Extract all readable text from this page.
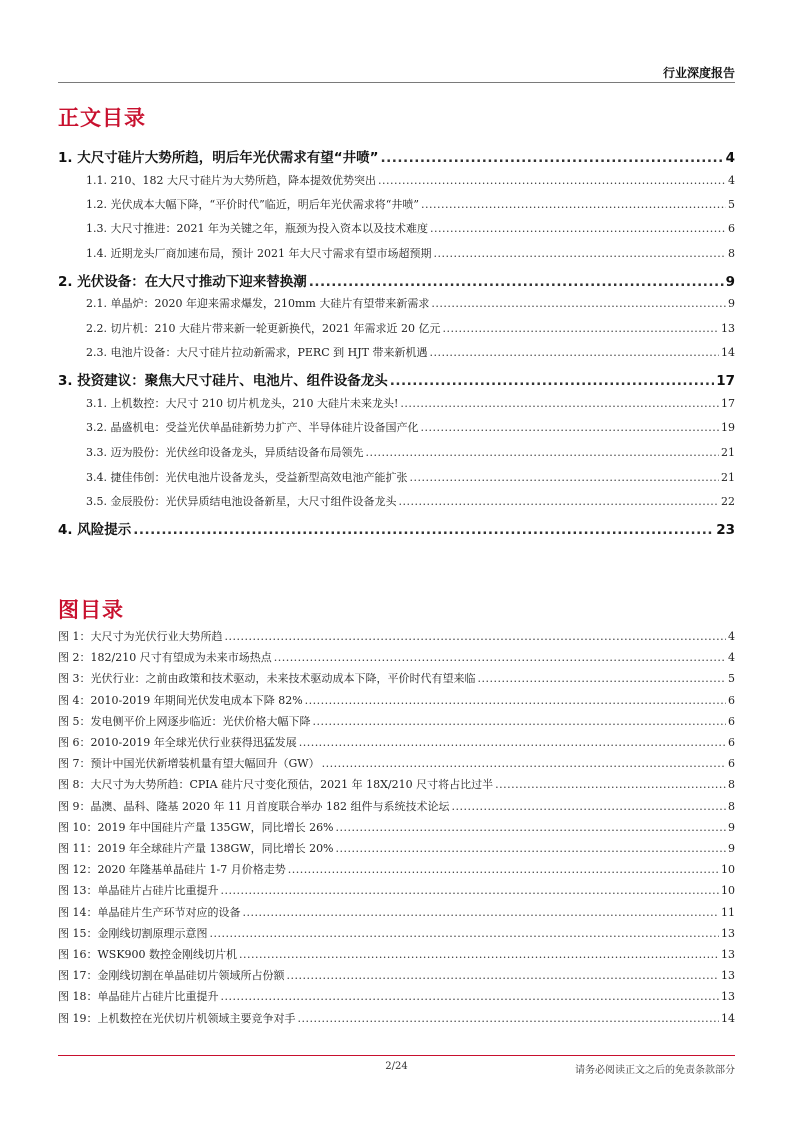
行业深度报告
正文目录
1. 大尺寸硅片大势所趋，明后年光伏需求有望“井喷” .....	4
1.1. 210、182 大尺寸硅片为大势所趋，降本提效优势突出 .....	4
1.2. 光伏成本大幅下降，“平价时代”临近，明后年光伏需求将“井喷” .....	5
1.3. 大尺寸推进：2021 年为关键之年，瓶颈为投入资本以及技术难度 .....	6
1.4. 近期龙头厂商加速布局，预计 2021 年大尺寸需求有望市场超预期 .....	8
2. 光伏设备：在大尺寸推动下迎来替换潮 .....	9
2.1. 单晶炉：2020 年迎来需求爆发，210mm 大硅片有望带来新需求 .....	9
2.2. 切片机：210 大硅片带来新一轮更新换代，2021 年需求近 20 亿元 .....	13
2.3. 电池片设备：大尺寸硅片拉动新需求，PERC 到 HJT 带来新机遇 .....	14
3. 投资建议：聚焦大尺寸硅片、电池片、组件设备龙头 .....	17
3.1. 上机数控：大尺寸 210 切片机龙头，210 大硅片未来龙头! .....	17
3.2. 晶盛机电：受益光伏单晶硅新势力扩产、半导体硅片设备国产化 .....	19
3.3. 迈为股份：光伏丝印设备龙头，异质结设备布局领先 .....	21
3.4. 捷佳伟创：光伏电池片设备龙头，受益新型高效电池产能扩张 .....	21
3.5. 金辰股份：光伏异质结电池设备新星，大尺寸组件设备龙头 .....	22
4. 风险提示 .....	23
图目录
图 1：大尺寸为光伏行业大势所趋 .....	4
图 2：182/210 尺寸有望成为未来市场热点 .....	4
图 3：光伏行业：之前由政策和技术驱动，未来技术驱动成本下降，平价时代有望来临 .....	5
图 4：2010-2019 年期间光伏发电成本下降 82% .....	6
图 5：发电侧平价上网逐步临近：光伏价格大幅下降 .....	6
图 6：2010-2019 年全球光伏行业获得迅猛发展 .....	6
图 7：预计中国光伏新增装机量有望大幅回升（GW） .....	6
图 8：大尺寸为大势所趋：CPIA 硅片尺寸变化预估，2021 年 18X/210 尺寸将占比过半 .....	8
图 9：晶澳、晶科、隆基 2020 年 11 月首度联合举办 182 组件与系统技术论坛 .....	8
图 10：2019 年中国硅片产量 135GW，同比增长 26% .....	9
图 11：2019 年全球硅片产量 138GW，同比增长 20% .....	9
图 12：2020 年隆基单晶硅片 1-7 月价格走势 .....	10
图 13：单晶硅片占硅片比重提升 .....	10
图 14：单晶硅片生产环节对应的设备 .....	11
图 15：金刚线切割原理示意图 .....	13
图 16：WSK900 数控金刚线切片机 .....	13
图 17：金刚线切割在单晶硅切片领域所占份额 .....	13
图 18：单晶硅片占硅片比重提升 .....	13
图 19：上机数控在光伏切片机领域主要竞争对手 .....	14
2/24	请务必阅读正文之后的免责条款部分
